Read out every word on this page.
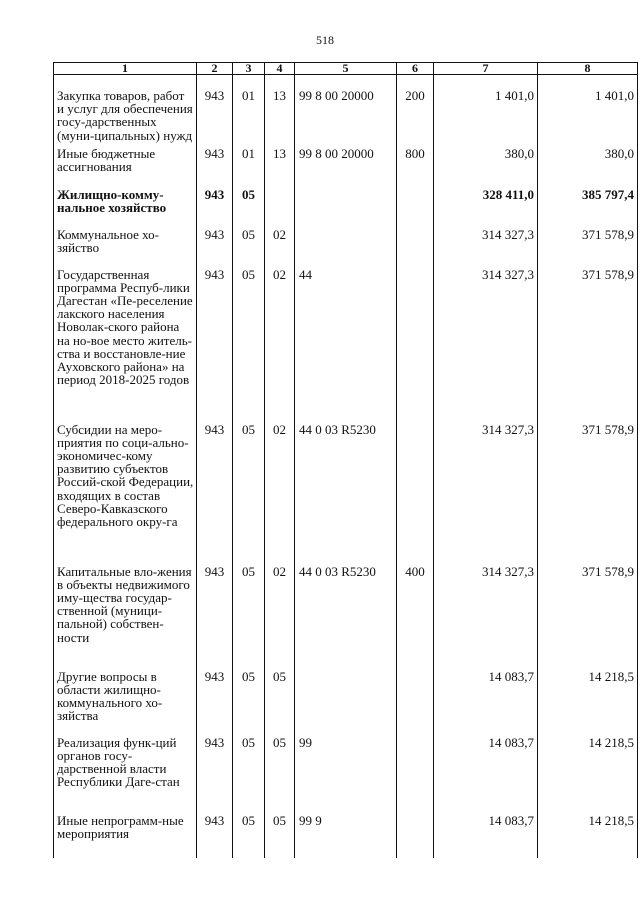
518
1	2	3	4	5	6	7	8
Закупка товаров, работ и услуг для обеспечения госу-дарственных (муни-ципальных) нужд	943	01	13	99 8 00 20000	200	1 401,0	1 401,0
Иные бюджетные ассигнования	943	01	13	99 8 00 20000	800	380,0	380,0
Жилищно-комму-нальное хозяйство	943	05				328 411,0	385 797,4
Коммунальное хо-зяйство	943	05	02			314 327,3	371 578,9
Государственная программа Респуб-лики Дагестан «Пе-реселение лакского населения Новолак-ского района на но-вое место житель-ства и восстановле-ние Ауховского района» на период 2018-2025 годов	943	05	02	44		314 327,3	371 578,9
Субсидии на меро-приятия по соци-ально-экономичес-кому развитию субъектов Россий-ской Федерации, входящих в состав Северо-Кавказского федерального окру-га	943	05	02	44 0 03 R5230		314 327,3	371 578,9
Капитальные вло-жения в объекты недвижимого иму-щества государ-ственной (муници-пальной) собствен-ности	943	05	02	44 0 03 R5230	400	314 327,3	371 578,9
Другие вопросы в области жилищно-коммунального хо-зяйства	943	05	05			14 083,7	14 218,5
Реализация функ-ций органов госу-дарственной власти Республики Даге-стан	943	05	05	99		14 083,7	14 218,5
Иные непрограмм-ные мероприятия	943	05	05	99 9		14 083,7	14 218,5
